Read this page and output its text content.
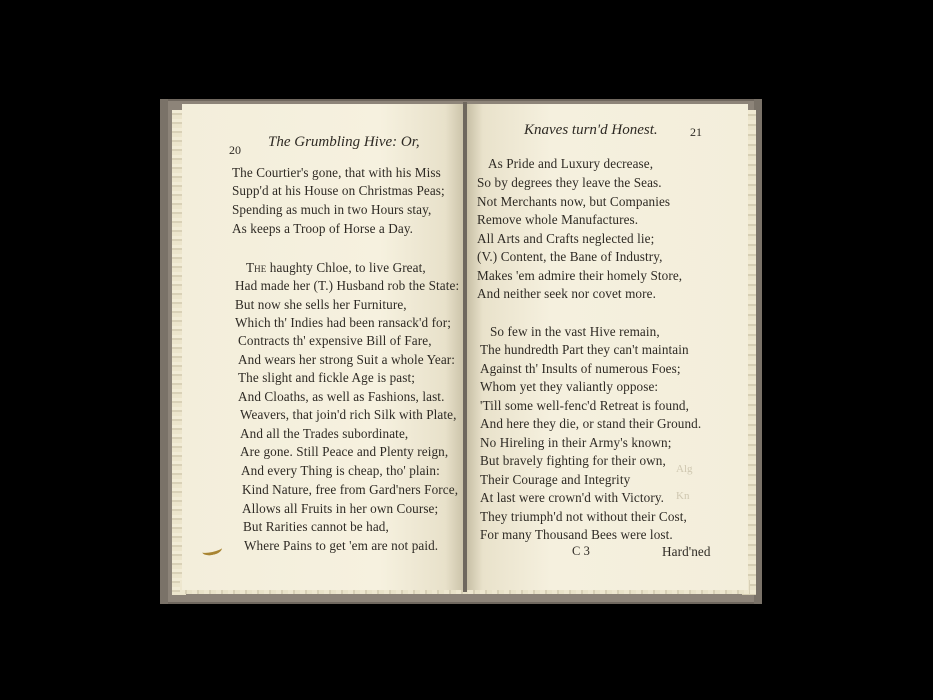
Alg
Kn
20 The Grumbling Hive: Or,
The Courtier's gone, that with his Miss
Supp'd at his House on Christmas Peas;
Spending as much in two Hours stay,
As keeps a Troop of Horse a Day.
The haughty Chloe, to live Great,
Had made her (T.) Husband rob the State:
But now she sells her Furniture,
Which th' Indies had been ransack'd for;
Contracts th' expensive Bill of Fare,
And wears her strong Suit a whole Year:
The slight and fickle Age is past;
And Cloaths, as well as Fashions, last.
Weavers, that join'd rich Silk with Plate,
And all the Trades subordinate,
Are gone. Still Peace and Plenty reign,
And every Thing is cheap, tho' plain:
Kind Nature, free from Gard'ners Force,
Allows all Fruits in her own Course;
But Rarities cannot be had,
Where Pains to get 'em are not paid.
Knaves turn'd Honest.	21
As Pride and Luxury decrease,
So by degrees they leave the Seas.
Not Merchants now, but Companies
Remove whole Manufactures.
All Arts and Crafts neglected lie;
(V.) Content, the Bane of Industry,
Makes 'em admire their homely Store,
And neither seek nor covet more.
So few in the vast Hive remain,
The hundredth Part they can't maintain
Against th' Insults of numerous Foes;
Whom yet they valiantly oppose:
'Till some well-fenc'd Retreat is found,
And here they die, or stand their Ground.
No Hireling in their Army's known;
But bravely fighting for their own,
Their Courage and Integrity
At last were crown'd with Victory.
They triumph'd not without their Cost,
For many Thousand Bees were lost.
C 3	Hard'ned
